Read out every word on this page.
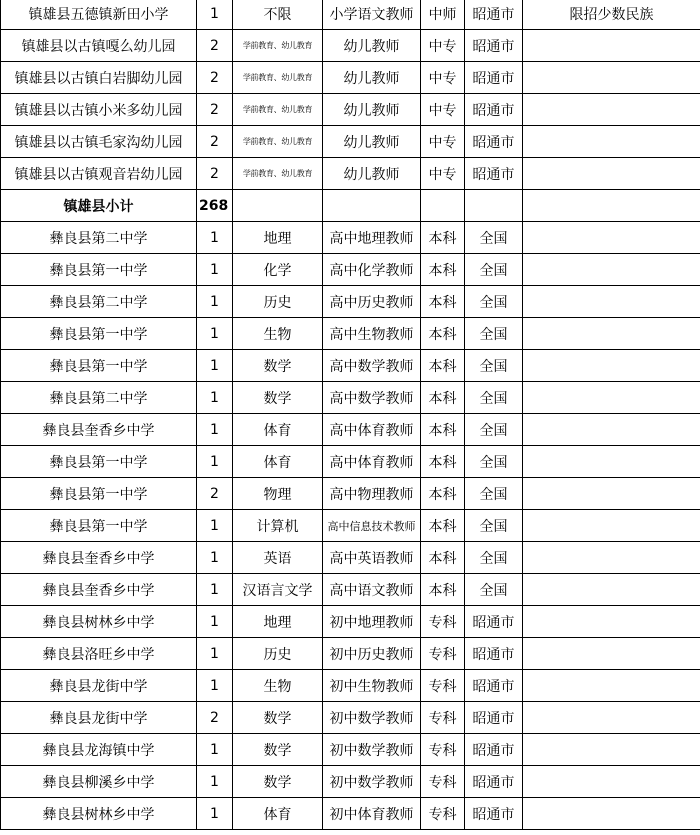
镇雄县五德镇新田小学	1	不限	小学语文教师	中师	昭通市	限招少数民族
镇雄县以古镇嘎么幼儿园	2	学前教育、幼儿教育	幼儿教师	中专	昭通市	
镇雄县以古镇白岩脚幼儿园	2	学前教育、幼儿教育	幼儿教师	中专	昭通市	
镇雄县以古镇小米多幼儿园	2	学前教育、幼儿教育	幼儿教师	中专	昭通市	
镇雄县以古镇毛家沟幼儿园	2	学前教育、幼儿教育	幼儿教师	中专	昭通市	
镇雄县以古镇观音岩幼儿园	2	学前教育、幼儿教育	幼儿教师	中专	昭通市	
镇雄县小计	268					
彝良县第二中学	1	地理	高中地理教师	本科	全国	
彝良县第一中学	1	化学	高中化学教师	本科	全国	
彝良县第二中学	1	历史	高中历史教师	本科	全国	
彝良县第一中学	1	生物	高中生物教师	本科	全国	
彝良县第一中学	1	数学	高中数学教师	本科	全国	
彝良县第二中学	1	数学	高中数学教师	本科	全国	
彝良县奎香乡中学	1	体育	高中体育教师	本科	全国	
彝良县第一中学	1	体育	高中体育教师	本科	全国	
彝良县第一中学	2	物理	高中物理教师	本科	全国	
彝良县第一中学	1	计算机	高中信息技术教师	本科	全国	
彝良县奎香乡中学	1	英语	高中英语教师	本科	全国	
彝良县奎香乡中学	1	汉语言文学	高中语文教师	本科	全国	
彝良县树林乡中学	1	地理	初中地理教师	专科	昭通市	
彝良县洛旺乡中学	1	历史	初中历史教师	专科	昭通市	
彝良县龙街中学	1	生物	初中生物教师	专科	昭通市	
彝良县龙街中学	2	数学	初中数学教师	专科	昭通市	
彝良县龙海镇中学	1	数学	初中数学教师	专科	昭通市	
彝良县柳溪乡中学	1	数学	初中数学教师	专科	昭通市	
彝良县树林乡中学	1	体育	初中体育教师	专科	昭通市	
